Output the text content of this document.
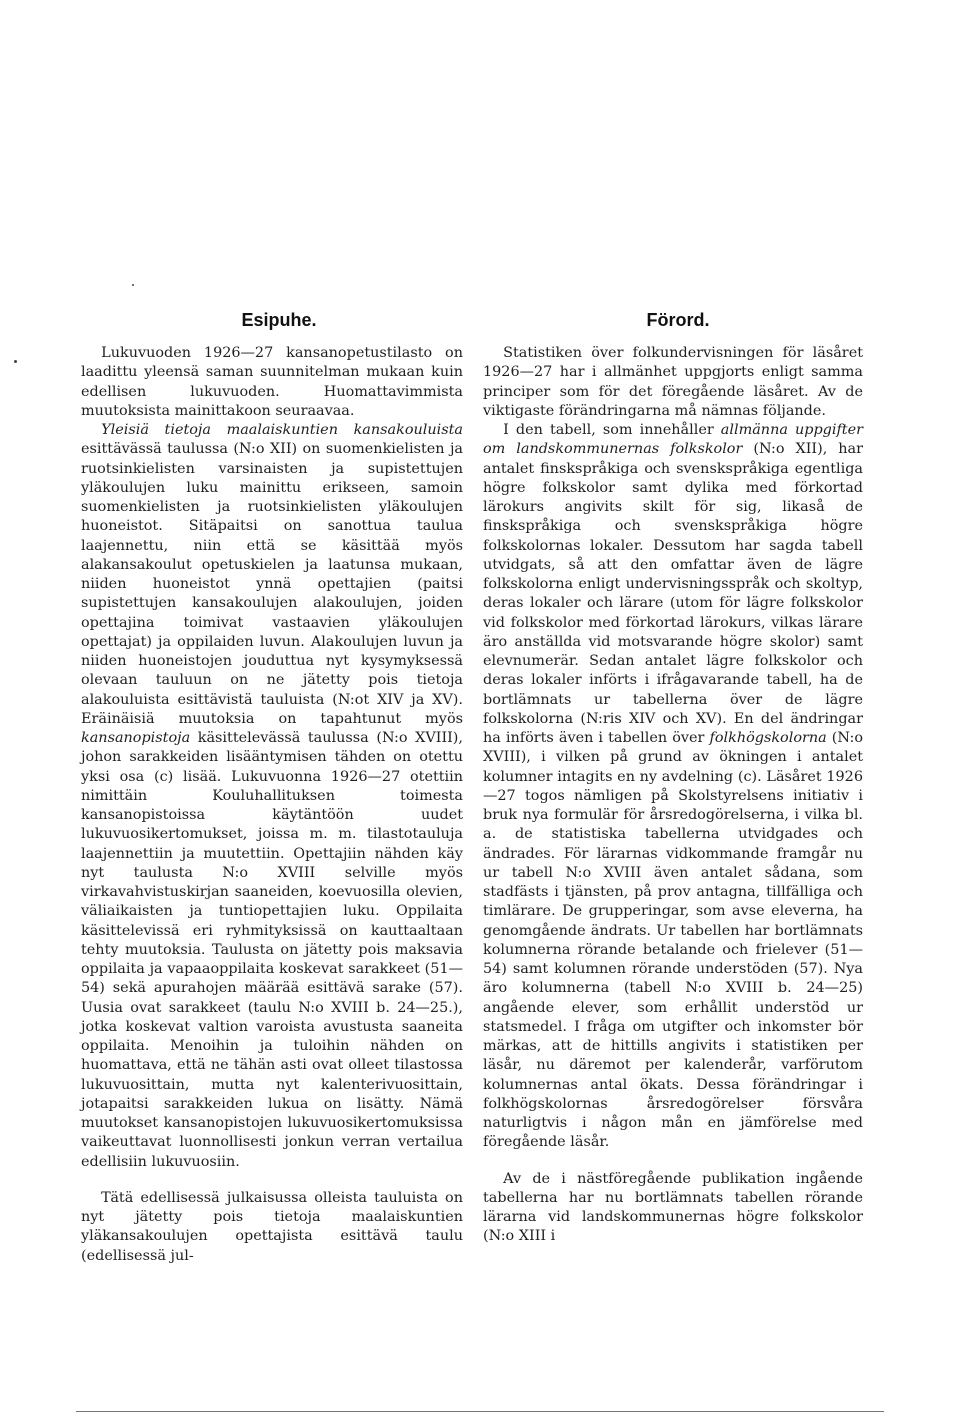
Esipuhe.

Lukuvuoden 1926—27 kansanopetustilasto on laadittu yleensä saman suunnitelman mukaan kuin edellisen lukuvuoden. Huomattavimmista muutoksista mainittakoon seuraavaa.

Yleisiä tietoja maalaiskuntien kansakouluista esittävässä taulussa (N:o XII) on suomenkielisten ja ruotsinkielisten varsinaisten ja supistettujen yläkoulujen luku mainittu erikseen, samoin suomenkielisten ja ruotsinkielisten yläkoulujen huoneistot. Sitäpaitsi on sanottua taulua laajennettu, niin että se käsittää myös alakansakoulut opetuskielen ja laatunsa mukaan, niiden huoneistot ynnä opettajien (paitsi supistettujen kansakoulujen alakoulujen, joiden opettajina toimivat vastaavien yläkoulujen opettajat) ja oppilaiden luvun. Alakoulujen luvun ja niiden huoneistojen jouduttua nyt kysymyksessä olevaan tauluun on ne jätetty pois tietoja alakouluista esittävistä tauluista (N:ot XIV ja XV). Eräinäisiä muutoksia on tapahtunut myös kansanopistoja käsittelevässä taulussa (N:o XVIII), johon sarakkeiden lisääntymisen tähden on otettu yksi osa (c) lisää. Lukuvuonna 1926—27 otettiin nimittäin Kouluhallituksen toimesta kansanopistoissa käytäntöön uudet lukuvuosikertomukset, joissa m. m. tilastotauluja laajennettiin ja muutettiin. Opettajiin nähden käy nyt taulusta N:o XVIII selville myös virkavahvistuskirjan saaneiden, koevuosilla olevien, väliaikaisten ja tuntiopettajien luku. Oppilaita käsittelevissä eri ryhmityksissä on kauttaaltaan tehty muutoksia. Taulusta on jätetty pois maksavia oppilaita ja vapaaoppilaita koskevat sarakkeet (51—54) sekä apurahojen määrää esittävä sarake (57). Uusia ovat sarakkeet (taulu N:o XVIII b. 24—25.), jotka koskevat valtion varoista avustusta saaneita oppilaita. Menoihin ja tuloihin nähden on huomattava, että ne tähän asti ovat olleet tilastossa lukuvuosittain, mutta nyt kalenterivuosittain, jotapaitsi sarakkeiden lukua on lisätty. Nämä muutokset kansanopistojen lukuvuosikertomuksissa vaikeuttavat luonnollisesti jonkun verran vertailua edellisiin lukuvuosiin.

Tätä edellisessä julkaisussa olleista tauluista on nyt jätetty pois tietoja maalaiskuntien yläkansakoulujen opettajista esittävä taulu (edellisessä jul-

Förord.

Statistiken över folkundervisningen för läsåret 1926—27 har i allmänhet uppgjorts enligt samma principer som för det föregående läsåret. Av de viktigaste förändringarna må nämnas följande.

I den tabell, som innehåller allmänna uppgifter om landskommunernas folkskolor (N:o XII), har antalet finskspråkiga och svenskspråkiga egentliga högre folkskolor samt dylika med förkortad lärokurs angivits skilt för sig, likaså de finskspråkiga och svenskspråkiga högre folkskolornas lokaler. Dessutom har sagda tabell utvidgats, så att den omfattar även de lägre folkskolorna enligt undervisningsspråk och skoltyp, deras lokaler och lärare (utom för lägre folkskolor vid folkskolor med förkortad lärokurs, vilkas lärare äro anställda vid motsvarande högre skolor) samt elevnumerär. Sedan antalet lägre folkskolor och deras lokaler införts i ifrågavarande tabell, ha de bortlämnats ur tabellerna över de lägre folkskolorna (N:ris XIV och XV). En del ändringar ha införts även i tabellen över folkhögskolorna (N:o XVIII), i vilken på grund av ökningen i antalet kolumner intagits en ny avdelning (c). Läsåret 1926—27 togos nämligen på Skolstyrelsens initiativ i bruk nya formulär för årsredogörelserna, i vilka bl. a. de statistiska tabellerna utvidgades och ändrades. För lärarnas vidkommande framgår nu ur tabell N:o XVIII även antalet sådana, som stadfästs i tjänsten, på prov antagna, tillfälliga och timlärare. De grupperingar, som avse eleverna, ha genomgående ändrats. Ur tabellen har bortlämnats kolumnerna rörande betalande och frielever (51—54) samt kolumnen rörande understöden (57). Nya äro kolumnerna (tabell N:o XVIII b. 24—25) angående elever, som erhållit understöd ur statsmedel. I fråga om utgifter och inkomster bör märkas, att de hittills angivits i statistiken per läsår, nu däremot per kalenderår, varförutom kolumnernas antal ökats. Dessa förändringar i folkhögskolornas årsredogörelser försvåra naturligtvis i någon mån en jämförelse med föregående läsår.

Av de i nästföregående publikation ingående tabellerna har nu bortlämnats tabellen rörande lärarna vid landskommunernas högre folkskolor (N:o XIII i
